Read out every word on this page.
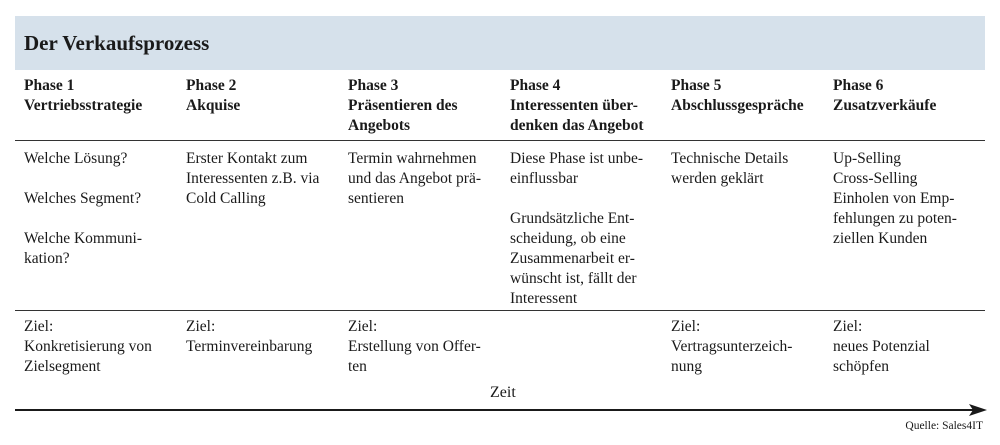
Der Verkaufsprozess
Phase 1
Vertriebsstrategie
Phase 2
Akquise
Phase 3
Präsentieren des
Angebots
Phase 4
Interessenten über-
denken das Angebot
Phase 5
Abschlussgespräche
Phase 6
Zusatzverkäufe

Welche Lösung?

Welches Segment?

Welche Kommuni-
kation?

Erster Kontakt zum
Interessenten z.B. via
Cold Calling

Termin wahrnehmen
und das Angebot prä-
sentieren

Diese Phase ist unbe-
einflussbar

Grundsätzliche Ent-
scheidung, ob eine
Zusammenarbeit er-
wünscht ist, fällt der
Interessent

Technische Details
werden geklärt

Up-Selling
Cross-Selling
Einholen von Emp-
fehlungen zu poten-
ziellen Kunden

Ziel:
Konkretisierung von
Zielsegment
Ziel:
Terminvereinbarung
Ziel:
Erstellung von Offer-
ten
Ziel:
Vertragsunterzeich-
nung
Ziel:
neues Potenzial
schöpfen
Zeit
Quelle: Sales4IT
